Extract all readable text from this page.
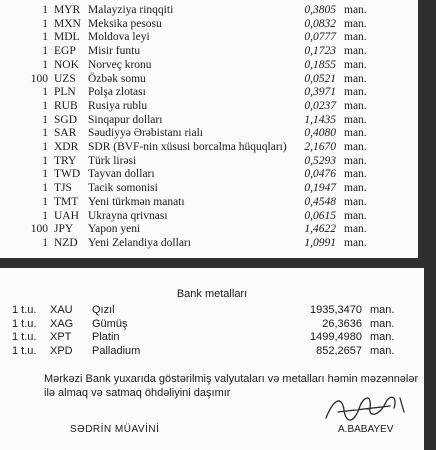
1 MYR Malayziya rinqqiti	0,3805 man.
1 MXN Meksika pesosu	0,0832 man.
1 MDL Moldova leyi	0,0777 man.
1 EGP	Misir funtu	0,1723 man.
1 NOK Norveç kronu	0,1855 man.
100 UZS	Özbək somu	0,0521 man.
1 PLN	Polşa zlotası	0,3971 man.
1 RUB Rusiya rublu	0,0237 man.
1 SGD Sinqapur dolları	1,1435 man.
1 SAR	Səudiyyə Ərəbistanı rialı	0,4080 man.
1 XDR SDR (BVF-nin xüsusi borcalma hüquqları) 2,1670 man.
1 TRY	Türk lirəsi	0,5293 man.
1 TWD Tayvan dolları	0,0476 man.
1 TJS	Tacik somonisi	0,1947 man.
1 TMT Yeni türkmən manatı	0,4548 man.
1 UAH Ukrayna qrivnası	0,0615 man.
100 JPY	Yapon yeni	1,4622 man.
1 NZD Yeni Zelandiya dolları	1,0991 man.
Bank metalları
1 t.u.	XAU	Qızıl	1935,3470 man.
1 t.u.	XAG	Gümüş	26,3636 man.
1 t.u.	XPT	Platin	1499,4980 man.
1 t.u.	XPD	Palladium	852,2657 man.
Mərkəzi Bank yuxarıda göstərilmiş valyutaları və metalları həmin məzənnələr ilə almaq və satmaq öhdəliyini daşımır
SƏDRİN MÜAVİNİ	A.BABAYEV
